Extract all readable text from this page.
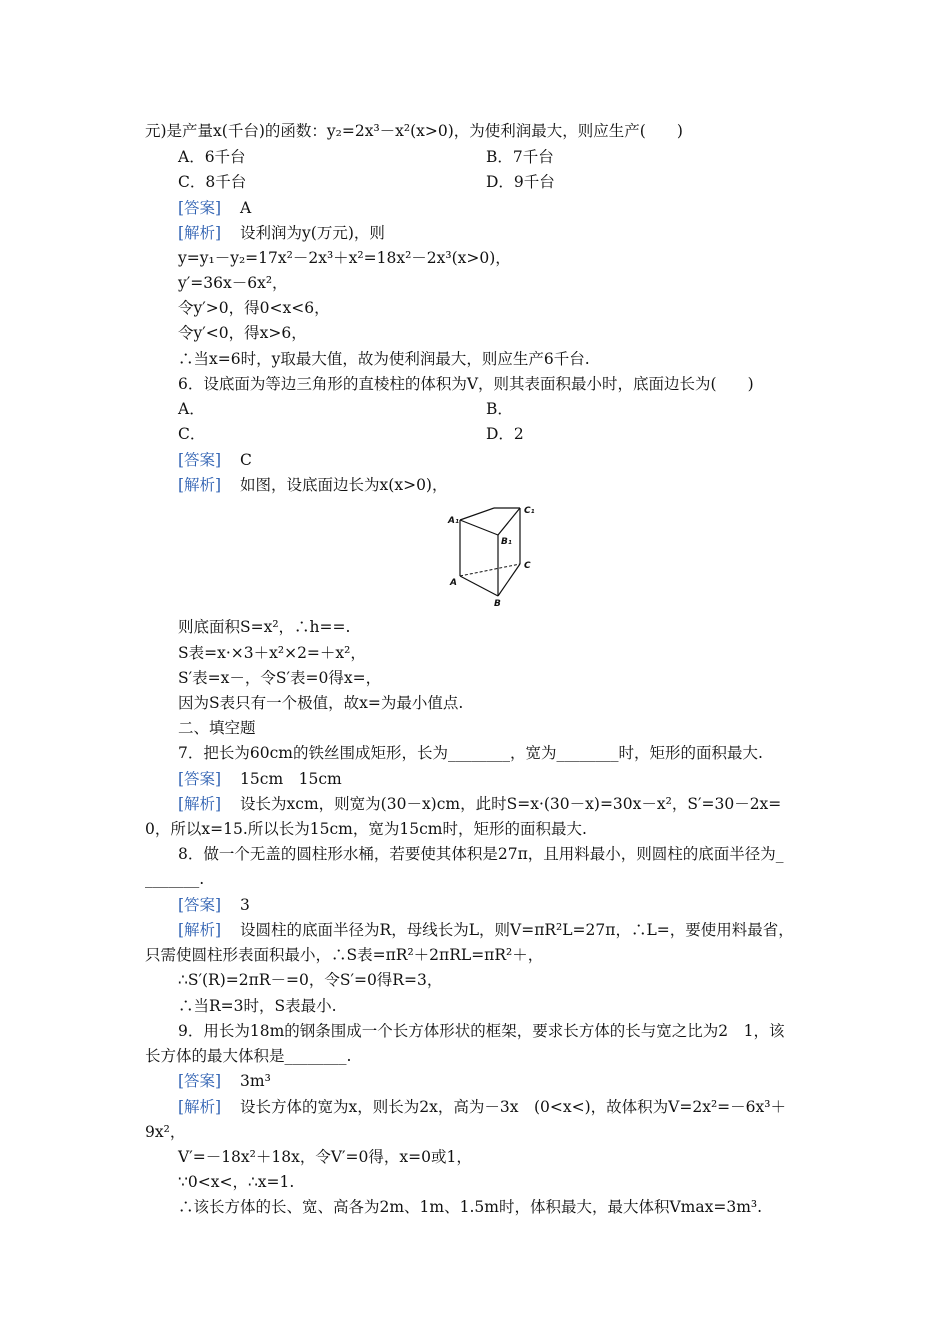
元)是产量x(千台)的函数：y₂=2x³－x²(x>0)，为使利润最大，则应生产(　　)
A．6千台	B．7千台
C．8千台	D．9千台
[答案] A
[解析] 设利润为y(万元)，则
y=y₁－y₂=17x²－2x³＋x²=18x²－2x³(x>0)，
y′=36x－6x²，
令y′>0，得0<x<6，
令y′<0，得x>6，
∴当x=6时，y取最大值，故为使利润最大，则应生产6千台.
6．设底面为等边三角形的直棱柱的体积为V，则其表面积最小时，底面边长为(　　)
A．	B．
C．	D．2
[答案] C
[解析] 如图，设底面边长为x(x>0)，
A₁
C₁
B₁
A
C
B
则底面积S=x²，∴h==.
S表=x·×3＋x²×2=＋x²，
S′表=x－，令S′表=0得x=，
因为S表只有一个极值，故x=为最小值点.
二、填空题
7．把长为60cm的铁丝围成矩形，长为________，宽为________时，矩形的面积最大.
[答案] 15cm　15cm
[解析] 设长为xcm，则宽为(30－x)cm，此时S=x·(30－x)=30x－x²，S′=30－2x=
0，所以x=15.所以长为15cm，宽为15cm时，矩形的面积最大.
8．做一个无盖的圆柱形水桶，若要使其体积是27π，且用料最小，则圆柱的底面半径为_
_______.
[答案] 3
[解析] 设圆柱的底面半径为R，母线长为L，则V=πR²L=27π，∴L=，要使用料最省，
只需使圆柱形表面积最小，∴S表=πR²＋2πRL=πR²＋，
∴S′(R)=2πR－=0，令S′=0得R=3，
∴当R=3时，S表最小.
9．用长为18m的钢条围成一个长方体形状的框架，要求长方体的长与宽之比为2　1，该
长方体的最大体积是________.
[答案] 3m³
[解析] 设长方体的宽为x，则长为2x，高为－3x　(0<x<)，故体积为V=2x²=－6x³＋
9x²，
V′=－18x²＋18x，令V′=0得，x=0或1，
∵0<x<，∴x=1.
∴该长方体的长、宽、高各为2m、1m、1.5m时，体积最大，最大体积Vmax=3m³.
